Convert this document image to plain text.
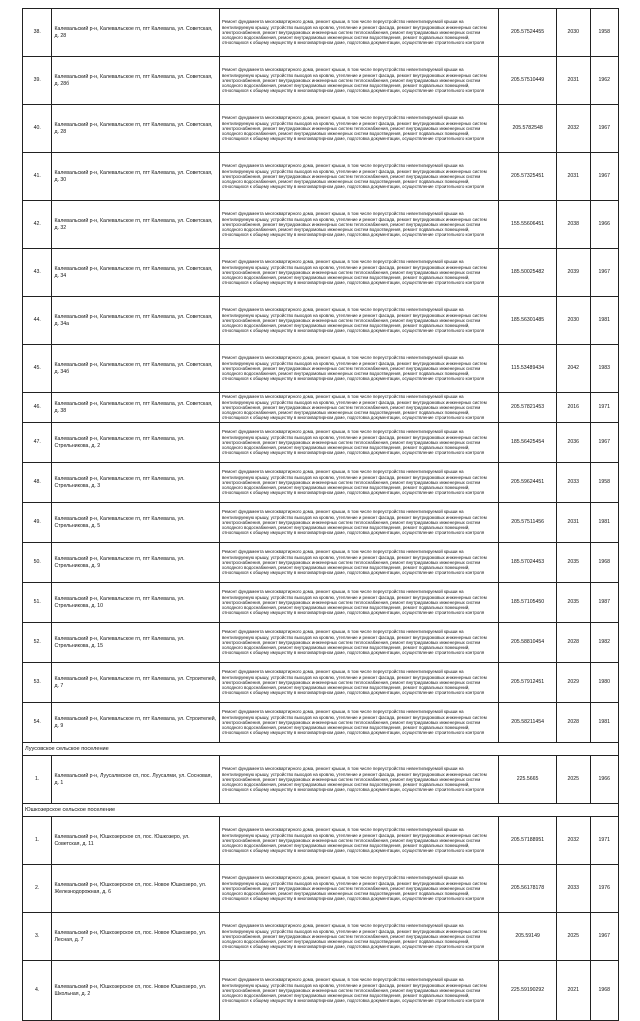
38.	Калевальский р-н, Калевальское гп, пгт Калевала, ул. Советская, д. 28	Ремонт фундамента многоквартирного дома, ремонт крыши, в том числе переустройство невентилируемой крыши на вентилируемую крышу, устройство выходов на кровлю, утепление и ремонт фасада, ремонт внутридомовых инженерных систем электроснабжения, ремонт внутридомовых инженерных систем теплоснабжения, ремонт внутридомовых инженерных систем холодного водоснабжения, ремонт внутридомовых инженерных систем водоотведения, ремонт подвальных помещений, относящихся к общему имуществу в многоквартирном доме, подготовка документации, осуществление строительного контроля	205.57524455	2030	1958
39.	Калевальский р-н, Калевальское гп, пгт Калевала, ул. Советская, д. 28б	Ремонт фундамента многоквартирного дома, ремонт крыши, в том числе переустройство невентилируемой крыши на вентилируемую крышу, устройство выходов на кровлю, утепление и ремонт фасада, ремонт внутридомовых инженерных систем электроснабжения, ремонт внутридомовых инженерных систем теплоснабжения, ремонт внутридомовых инженерных систем холодного водоснабжения, ремонт внутридомовых инженерных систем водоотведения, ремонт подвальных помещений, относящихся к общему имуществу в многоквартирном доме, подготовка документации, осуществление строительного контроля	205.57510449	2031	1962
40.	Калевальский р-н, Калевальское гп, пгт Калевала, ул. Советская, д. 28	Ремонт фундамента многоквартирного дома, ремонт крыши, в том числе переустройство невентилируемой крыши на вентилируемую крышу, устройство выходов на кровлю, утепление и ремонт фасада, ремонт внутридомовых инженерных систем электроснабжения, ремонт внутридомовых инженерных систем теплоснабжения, ремонт внутридомовых инженерных систем холодного водоснабжения, ремонт внутридомовых инженерных систем водоотведения, ремонт подвальных помещений, относящихся к общему имуществу в многоквартирном доме, подготовка документации, осуществление строительного контроля	205.5782548	2032	1967
41.	Калевальский р-н, Калевальское гп, пгт Калевала, ул. Советская, д. 30	Ремонт фундамента многоквартирного дома, ремонт крыши, в том числе переустройство невентилируемой крыши на вентилируемую крышу, устройство выходов на кровлю, утепление и ремонт фасада, ремонт внутридомовых инженерных систем электроснабжения, ремонт внутридомовых инженерных систем теплоснабжения, ремонт внутридомовых инженерных систем холодного водоснабжения, ремонт внутридомовых инженерных систем водоотведения, ремонт подвальных помещений, относящихся к общему имуществу в многоквартирном доме, подготовка документации, осуществление строительного контроля	205.57325451	2031	1967
42.	Калевальский р-н, Калевальское гп, пгт Калевала, ул. Советская, д. 32	Ремонт фундамента многоквартирного дома, ремонт крыши, в том числе переустройство невентилируемой крыши на вентилируемую крышу, устройство выходов на кровлю, утепление и ремонт фасада, ремонт внутридомовых инженерных систем электроснабжения, ремонт внутридомовых инженерных систем теплоснабжения, ремонт внутридомовых инженерных систем холодного водоснабжения, ремонт внутридомовых инженерных систем водоотведения, ремонт подвальных помещений, относящихся к общему имуществу в многоквартирном доме, подготовка документации, осуществление строительного контроля	155.55606451	2038	1966
43.	Калевальский р-н, Калевальское гп, пгт Калевала, ул. Советская, д. 34	Ремонт фундамента многоквартирного дома, ремонт крыши, в том числе переустройство невентилируемой крыши на вентилируемую крышу, устройство выходов на кровлю, утепление и ремонт фасада, ремонт внутридомовых инженерных систем электроснабжения, ремонт внутридомовых инженерных систем теплоснабжения, ремонт внутридомовых инженерных систем холодного водоснабжения, ремонт внутридомовых инженерных систем водоотведения, ремонт подвальных помещений, относящихся к общему имуществу в многоквартирном доме, подготовка документации, осуществление строительного контроля	185.50025482	2039	1967
44.	Калевальский р-н, Калевальское гп, пгт Калевала, ул. Советская, д. 34а	Ремонт фундамента многоквартирного дома, ремонт крыши, в том числе переустройство невентилируемой крыши на вентилируемую крышу, устройство выходов на кровлю, утепление и ремонт фасада, ремонт внутридомовых инженерных систем электроснабжения, ремонт внутридомовых инженерных систем теплоснабжения, ремонт внутридомовых инженерных систем холодного водоснабжения, ремонт внутридомовых инженерных систем водоотведения, ремонт подвальных помещений, относящихся к общему имуществу в многоквартирном доме, подготовка документации, осуществление строительного контроля	185.56301485	2030	1981
45.	Калевальский р-н, Калевальское гп, пгт Калевала, ул. Советская, д. 34б	Ремонт фундамента многоквартирного дома, ремонт крыши, в том числе переустройство невентилируемой крыши на вентилируемую крышу, устройство выходов на кровлю, утепление и ремонт фасада, ремонт внутридомовых инженерных систем электроснабжения, ремонт внутридомовых инженерных систем теплоснабжения, ремонт внутридомовых инженерных систем холодного водоснабжения, ремонт внутридомовых инженерных систем водоотведения, ремонт подвальных помещений, относящихся к общему имуществу в многоквартирном доме, подготовка документации, осуществление строительного контроля	115.53489434	2042	1983
46.	Калевальский р-н, Калевальское гп, пгт Калевала, ул. Советская, д. 38	Ремонт фундамента многоквартирного дома, ремонт крыши, в том числе переустройство невентилируемой крыши на вентилируемую крышу, устройство выходов на кровлю, утепление и ремонт фасада, ремонт внутридомовых инженерных систем электроснабжения, ремонт внутридомовых инженерных систем теплоснабжения, ремонт внутридомовых инженерных систем холодного водоснабжения, ремонт внутридомовых инженерных систем водоотведения, ремонт подвальных помещений, относящихся к общему имуществу в многоквартирном доме, подготовка документации, осуществление строительного контроля	205.57821453	2016	1971
47.	Калевальский р-н, Калевальское гп, пгт Калевала, ул. Стрельникова, д. 2	Ремонт фундамента многоквартирного дома, ремонт крыши, в том числе переустройство невентилируемой крыши на вентилируемую крышу, устройство выходов на кровлю, утепление и ремонт фасада, ремонт внутридомовых инженерных систем электроснабжения, ремонт внутридомовых инженерных систем теплоснабжения, ремонт внутридомовых инженерных систем холодного водоснабжения, ремонт внутридомовых инженерных систем водоотведения, ремонт подвальных помещений, относящихся к общему имуществу в многоквартирном доме, подготовка документации, осуществление строительного контроля	185.56425454	2036	1967
48.	Калевальский р-н, Калевальское гп, пгт Калевала, ул. Стрельникова, д. 3	Ремонт фундамента многоквартирного дома, ремонт крыши, в том числе переустройство невентилируемой крыши на вентилируемую крышу, устройство выходов на кровлю, утепление и ремонт фасада, ремонт внутридомовых инженерных систем электроснабжения, ремонт внутридомовых инженерных систем теплоснабжения, ремонт внутридомовых инженерных систем холодного водоснабжения, ремонт внутридомовых инженерных систем водоотведения, ремонт подвальных помещений, относящихся к общему имуществу в многоквартирном доме, подготовка документации, осуществление строительного контроля	205.59624451	2033	1958
49.	Калевальский р-н, Калевальское гп, пгт Калевала, ул. Стрельникова, д. 5	Ремонт фундамента многоквартирного дома, ремонт крыши, в том числе переустройство невентилируемой крыши на вентилируемую крышу, устройство выходов на кровлю, утепление и ремонт фасада, ремонт внутридомовых инженерных систем электроснабжения, ремонт внутридомовых инженерных систем теплоснабжения, ремонт внутридомовых инженерных систем холодного водоснабжения, ремонт внутридомовых инженерных систем водоотведения, ремонт подвальных помещений, относящихся к общему имуществу в многоквартирном доме, подготовка документации, осуществление строительного контроля	205.57511456	2031	1981
50.	Калевальский р-н, Калевальское гп, пгт Калевала, ул. Стрельникова, д. 9	Ремонт фундамента многоквартирного дома, ремонт крыши, в том числе переустройство невентилируемой крыши на вентилируемую крышу, устройство выходов на кровлю, утепление и ремонт фасада, ремонт внутридомовых инженерных систем электроснабжения, ремонт внутридомовых инженерных систем теплоснабжения, ремонт внутридомовых инженерных систем холодного водоснабжения, ремонт внутридомовых инженерных систем водоотведения, ремонт подвальных помещений, относящихся к общему имуществу в многоквартирном доме, подготовка документации, осуществление строительного контроля	185.57024453	2035	1968
51.	Калевальский р-н, Калевальское гп, пгт Калевала, ул. Стрельникова, д. 10	Ремонт фундамента многоквартирного дома, ремонт крыши, в том числе переустройство невентилируемой крыши на вентилируемую крышу, устройство выходов на кровлю, утепление и ремонт фасада, ремонт внутридомовых инженерных систем электроснабжения, ремонт внутридомовых инженерных систем теплоснабжения, ремонт внутридомовых инженерных систем холодного водоснабжения, ремонт внутридомовых инженерных систем водоотведения, ремонт подвальных помещений, относящихся к общему имуществу в многоквартирном доме, подготовка документации, осуществление строительного контроля	185.57105450	2035	1987
52.	Калевальский р-н, Калевальское гп, пгт Калевала, ул. Стрельникова, д. 15	Ремонт фундамента многоквартирного дома, ремонт крыши, в том числе переустройство невентилируемой крыши на вентилируемую крышу, устройство выходов на кровлю, утепление и ремонт фасада, ремонт внутридомовых инженерных систем электроснабжения, ремонт внутридомовых инженерных систем теплоснабжения, ремонт внутридомовых инженерных систем холодного водоснабжения, ремонт внутридомовых инженерных систем водоотведения, ремонт подвальных помещений, относящихся к общему имуществу в многоквартирном доме, подготовка документации, осуществление строительного контроля	205.58810454	2028	1982
53.	Калевальский р-н, Калевальское гп, пгт Калевала, ул. Строителей, д. 7	Ремонт фундамента многоквартирного дома, ремонт крыши, в том числе переустройство невентилируемой крыши на вентилируемую крышу, устройство выходов на кровлю, утепление и ремонт фасада, ремонт внутридомовых инженерных систем электроснабжения, ремонт внутридомовых инженерных систем теплоснабжения, ремонт внутридомовых инженерных систем холодного водоснабжения, ремонт внутридомовых инженерных систем водоотведения, ремонт подвальных помещений, относящихся к общему имуществу в многоквартирном доме, подготовка документации, осуществление строительного контроля	205.57912451	2029	1980
54.	Калевальский р-н, Калевальское гп, пгт Калевала, ул. Строителей, д. 9	Ремонт фундамента многоквартирного дома, ремонт крыши, в том числе переустройство невентилируемой крыши на вентилируемую крышу, устройство выходов на кровлю, утепление и ремонт фасада, ремонт внутридомовых инженерных систем электроснабжения, ремонт внутридомовых инженерных систем теплоснабжения, ремонт внутридомовых инженерных систем холодного водоснабжения, ремонт внутридомовых инженерных систем водоотведения, ремонт подвальных помещений, относящихся к общему имуществу в многоквартирном доме, подготовка документации, осуществление строительного контроля	205.58211454	2028	1981
Луусовское сельское поселение					
1.	Калевальский р-н, Луусалмское сп, пос. Луусалми, ул. Сосновая, д. 1	Ремонт фундамента многоквартирного дома, ремонт крыши, в том числе переустройство невентилируемой крыши на вентилируемую крышу, устройство выходов на кровлю, утепление и ремонт фасада, ремонт внутридомовых инженерных систем электроснабжения, ремонт внутридомовых инженерных систем теплоснабжения, ремонт внутридомовых инженерных систем холодного водоснабжения, ремонт внутридомовых инженерных систем водоотведения, ремонт подвальных помещений, относящихся к общему имуществу в многоквартирном доме, подготовка документации, осуществление строительного контроля	225.5665	2025	1966
Юшкозерское сельское поселение					
1.	Калевальский р-н, Юшкозерское сп, пос. Юшкозеро, ул. Советская, д. 11	Ремонт фундамента многоквартирного дома, ремонт крыши, в том числе переустройство невентилируемой крыши на вентилируемую крышу, устройство выходов на кровлю, утепление и ремонт фасада, ремонт внутридомовых инженерных систем электроснабжения, ремонт внутридомовых инженерных систем теплоснабжения, ремонт внутридомовых инженерных систем холодного водоснабжения, ремонт внутридомовых инженерных систем водоотведения, ремонт подвальных помещений, относящихся к общему имуществу в многоквартирном доме, подготовка документации, осуществление строительного контроля	205.57188951	2032	1971
2.	Калевальский р-н, Юшкозерское сп, пос. Новое Юшкозеро, ул. Железнодорожная, д. 6	Ремонт фундамента многоквартирного дома, ремонт крыши, в том числе переустройство невентилируемой крыши на вентилируемую крышу, устройство выходов на кровлю, утепление и ремонт фасада, ремонт внутридомовых инженерных систем электроснабжения, ремонт внутридомовых инженерных систем теплоснабжения, ремонт внутридомовых инженерных систем холодного водоснабжения, ремонт внутридомовых инженерных систем водоотведения, ремонт подвальных помещений, относящихся к общему имуществу в многоквартирном доме, подготовка документации, осуществление строительного контроля	205.56178178	2033	1976
3.	Калевальский р-н, Юшкозерское сп, пос. Новое Юшкозеро, ул. Лесная, д. 7	Ремонт фундамента многоквартирного дома, ремонт крыши, в том числе переустройство невентилируемой крыши на вентилируемую крышу, устройство выходов на кровлю, утепление и ремонт фасада, ремонт внутридомовых инженерных систем электроснабжения, ремонт внутридомовых инженерных систем теплоснабжения, ремонт внутридомовых инженерных систем холодного водоснабжения, ремонт внутридомовых инженерных систем водоотведения, ремонт подвальных помещений, относящихся к общему имуществу в многоквартирном доме, подготовка документации, осуществление строительного контроля	205.59149	2025	1967
4.	Калевальский р-н, Юшкозерское сп, пос. Новое Юшкозеро, ул. Школьная, д. 2	Ремонт фундамента многоквартирного дома, ремонт крыши, в том числе переустройство невентилируемой крыши на вентилируемую крышу, устройство выходов на кровлю, утепление и ремонт фасада, ремонт внутридомовых инженерных систем электроснабжения, ремонт внутридомовых инженерных систем теплоснабжения, ремонт внутридомовых инженерных систем холодного водоснабжения, ремонт внутридомовых инженерных систем водоотведения, ремонт подвальных помещений, относящихся к общему имуществу в многоквартирном доме, подготовка документации, осуществление строительного контроля	225.59190292	2021	1968
